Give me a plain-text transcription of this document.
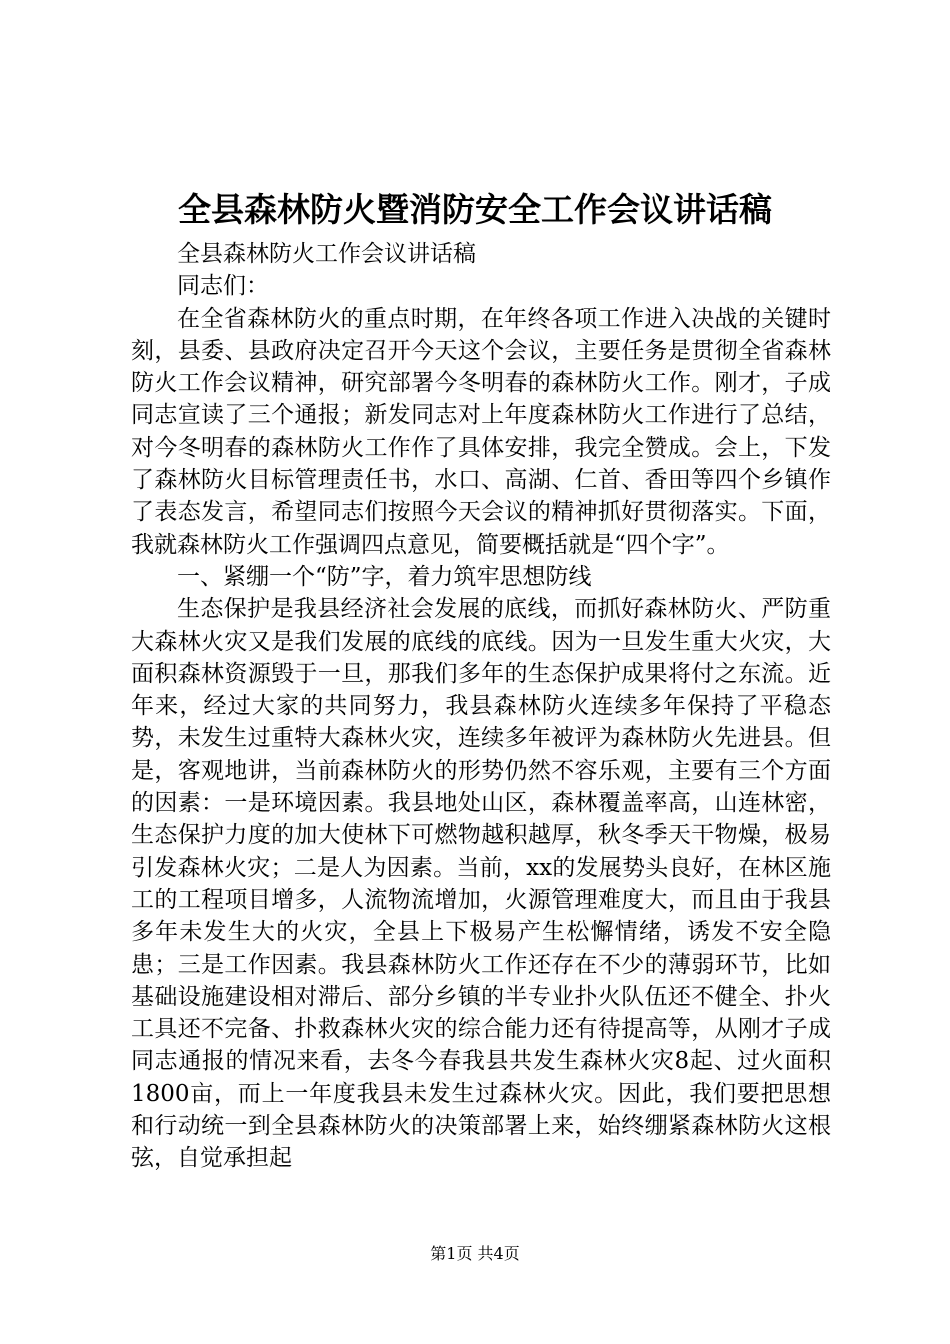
全县森林防火暨消防安全工作会议讲话稿

全县森林防火工作会议讲话稿

同志们：

在全省森林防火的重点时期，在年终各项工作进入决战的关键时刻，县委、县政府决定召开今天这个会议，主要任务是贯彻全省森林防火工作会议精神，研究部署今冬明春的森林防火工作。刚才，子成同志宣读了三个通报；新发同志对上年度森林防火工作进行了总结，对今冬明春的森林防火工作作了具体安排，我完全赞成。会上，下发了森林防火目标管理责任书，水口、高湖、仁首、香田等四个乡镇作了表态发言，希望同志们按照今天会议的精神抓好贯彻落实。下面，我就森林防火工作强调四点意见，简要概括就是“四个字”。

一、紧绷一个“防”字，着力筑牢思想防线

生态保护是我县经济社会发展的底线，而抓好森林防火、严防重大森林火灾又是我们发展的底线的底线。因为一旦发生重大火灾，大面积森林资源毁于一旦，那我们多年的生态保护成果将付之东流。近年来，经过大家的共同努力，我县森林防火连续多年保持了平稳态势，未发生过重特大森林火灾，连续多年被评为森林防火先进县。但是，客观地讲，当前森林防火的形势仍然不容乐观，主要有三个方面的因素：一是环境因素。我县地处山区，森林覆盖率高，山连林密，生态保护力度的加大使林下可燃物越积越厚，秋冬季天干物燥，极易引发森林火灾；二是人为因素。当前，xx的发展势头良好，在林区施工的工程项目增多，人流物流增加，火源管理难度大，而且由于我县多年未发生大的火灾，全县上下极易产生松懈情绪，诱发不安全隐患；三是工作因素。我县森林防火工作还存在不少的薄弱环节，比如基础设施建设相对滞后、部分乡镇的半专业扑火队伍还不健全、扑火工具还不完备、扑救森林火灾的综合能力还有待提高等，从刚才子成同志通报的情况来看，去冬今春我县共发生森林火灾8起、过火面积1800亩，而上一年度我县未发生过森林火灾。因此，我们要把思想和行动统一到全县森林防火的决策部署上来，始终绷紧森林防火这根弦，自觉承担起

第1页 共4页
